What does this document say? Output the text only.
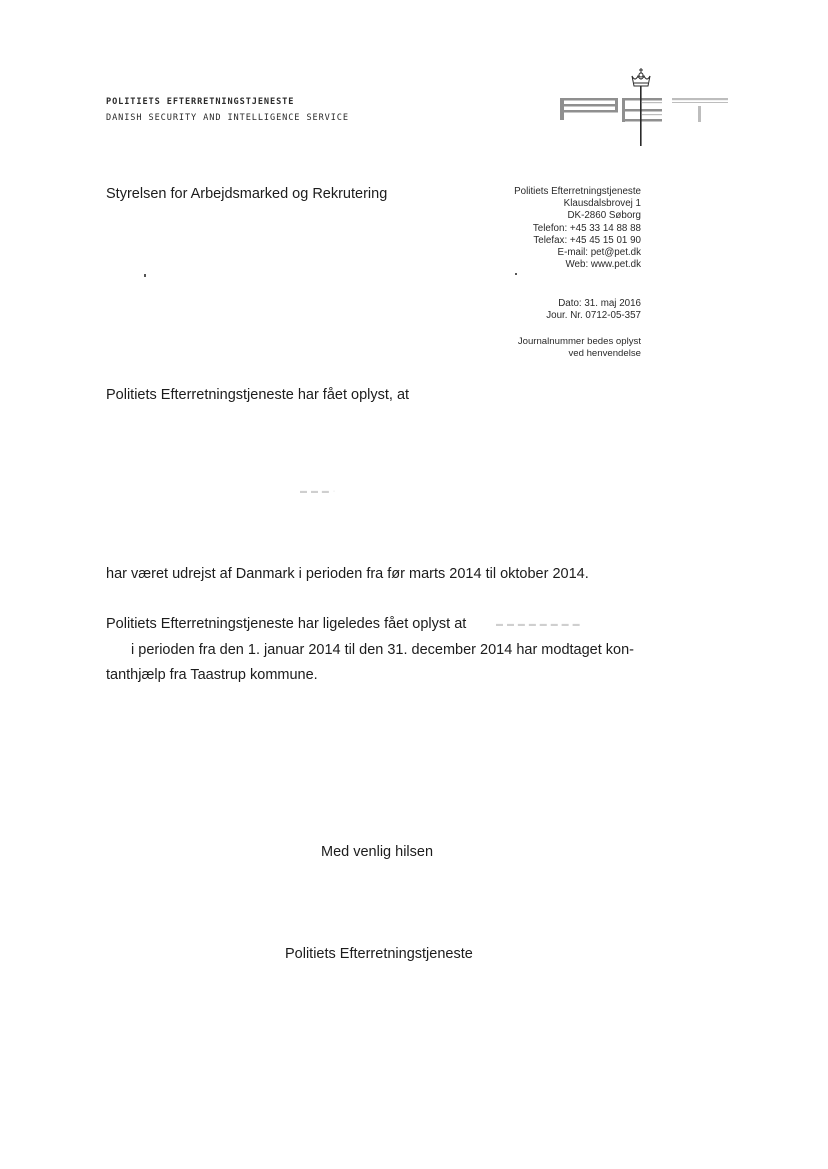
POLITIETS EFTERRETNINGSTJENESTE
DANISH SECURITY AND INTELLIGENCE SERVICE
Styrelsen for Arbejdsmarked og Rekrutering	Politiets Efterretningstjeneste
Klausdalsbrovej 1
DK-2860 Søborg
Telefon: +45 33 14 88 88
Telefax: +45 45 15 01 90
E-mail: pet@pet.dk
Web: www.pet.dk
Dato: 31. maj 2016
Jour. Nr. 0712-05-357
Journalnummer bedes oplyst
ved henvendelse
Politiets Efterretningstjeneste har fået oplyst, at
▬ ▬ ▬ ·
har været udrejst af Danmark i perioden fra før marts 2014 til oktober 2014.
Politiets Efterretningstjeneste har ligeledes fået oplyst at	▬ ▬ ▬ ▬ ▬ ▬ ▬ ▬
i perioden fra den 1. januar 2014 til den 31. december 2014 har modtaget kon-
tanthjælp fra Taastrup kommune.
Med venlig hilsen
Politiets Efterretningstjeneste
